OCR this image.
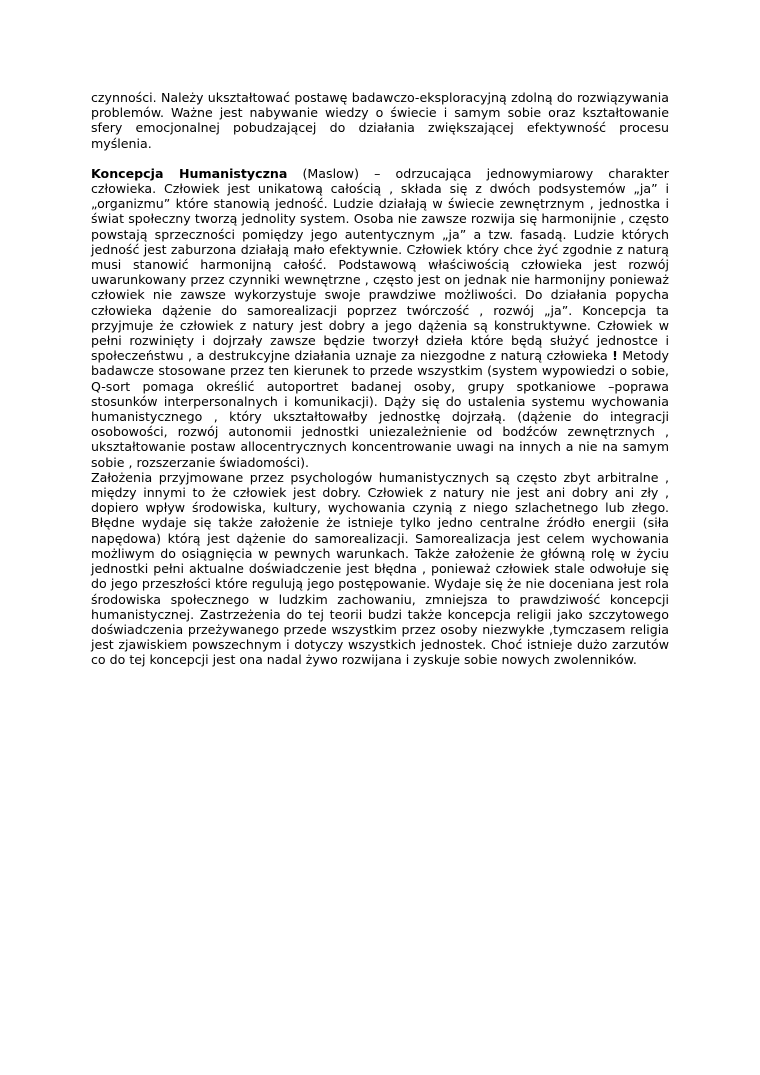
czynności. Należy ukształtować postawę badawczo-eksploracyjną zdolną do rozwiązywania problemów. Ważne jest nabywanie wiedzy o świecie i samym sobie oraz kształtowanie sfery emocjonalnej pobudzającej do działania zwiększającej efektywność procesu myślenia.

Koncepcja Humanistyczna (Maslow) – odrzucająca jednowymiarowy charakter człowieka. Człowiek jest unikatową całością , składa się z dwóch podsystemów „ja” i „organizmu” które stanowią jedność. Ludzie działają w świecie zewnętrznym , jednostka i świat społeczny tworzą jednolity system. Osoba nie zawsze rozwija się harmonijnie , często powstają sprzeczności pomiędzy jego autentycznym „ja” a tzw. fasadą. Ludzie których jedność jest zaburzona działają mało efektywnie. Człowiek który chce żyć zgodnie z naturą musi stanowić harmonijną całość. Podstawową właściwością człowieka jest rozwój uwarunkowany przez czynniki wewnętrzne , często jest on jednak nie harmonijny ponieważ człowiek nie zawsze wykorzystuje swoje prawdziwe możliwości. Do działania popycha człowieka dążenie do samorealizacji poprzez twórczość , rozwój „ja”. Koncepcja ta przyjmuje że człowiek z natury jest dobry a jego dążenia są konstruktywne. Człowiek w pełni rozwinięty i dojrzały zawsze będzie tworzył dzieła które będą służyć jednostce i społeczeństwu , a destrukcyjne działania uznaje za niezgodne z naturą człowieka ! Metody badawcze stosowane przez ten kierunek to przede wszystkim (system wypowiedzi o sobie, Q-sort pomaga określić autoportret badanej osoby, grupy spotkaniowe –poprawa stosunków interpersonalnych i komunikacji). Dąży się do ustalenia systemu wychowania humanistycznego , który ukształtowałby jednostkę dojrzałą. (dążenie do integracji osobowości, rozwój autonomii jednostki uniezależnienie od bodźców zewnętrznych , ukształtowanie postaw allocentrycznych koncentrowanie uwagi na innych a nie na samym sobie , rozszerzanie świadomości).

Założenia przyjmowane przez psychologów humanistycznych są często zbyt arbitralne , między innymi to że człowiek jest dobry. Człowiek z natury nie jest ani dobry ani zły , dopiero wpływ środowiska, kultury, wychowania czynią z niego szlachetnego lub złego. Błędne wydaje się także założenie że istnieje tylko jedno centralne źródło energii (siła napędowa) którą jest dążenie do samorealizacji. Samorealizacja jest celem wychowania możliwym do osiągnięcia w pewnych warunkach. Także założenie że główną rolę w życiu jednostki pełni aktualne doświadczenie jest błędna , ponieważ człowiek stale odwołuje się do jego przeszłości które regulują jego postępowanie. Wydaje się że nie doceniana jest rola środowiska społecznego w ludzkim zachowaniu, zmniejsza to prawdziwość koncepcji humanistycznej. Zastrzeżenia do tej teorii budzi także koncepcja religii jako szczytowego doświadczenia przeżywanego przede wszystkim przez osoby niezwykłe ,tymczasem religia jest zjawiskiem powszechnym i dotyczy wszystkich jednostek. Choć istnieje dużo zarzutów co do tej koncepcji jest ona nadal żywo rozwijana i zyskuje sobie nowych zwolenników.
